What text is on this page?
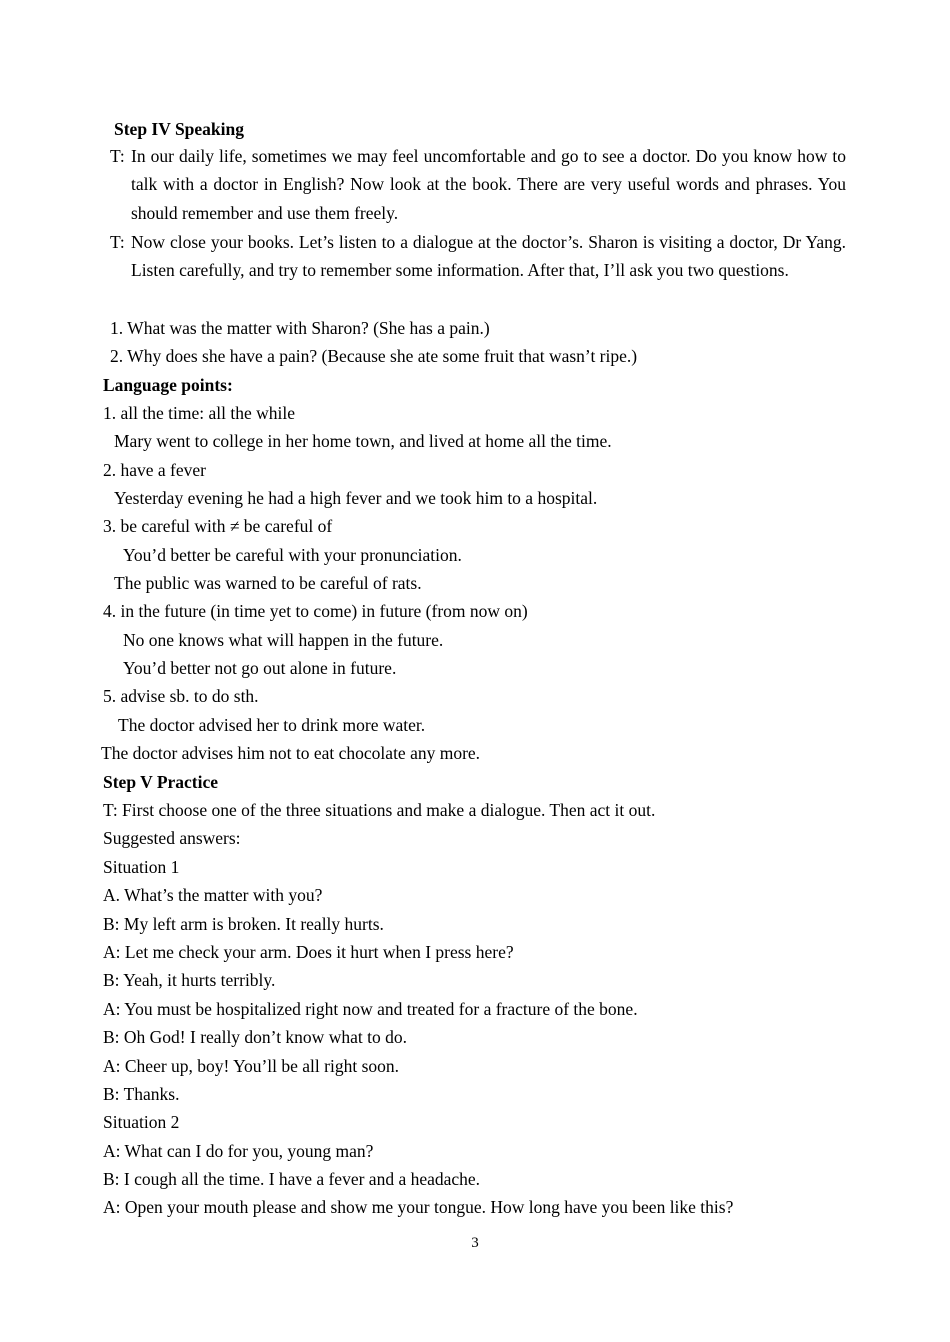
Step IV Speaking

T: In our daily life, sometimes we may feel uncomfortable and go to see a doctor. Do you know how to talk with a doctor in English? Now look at the book. There are very useful words and phrases. You should remember and use them freely.
T: Now close your books. Let’s listen to a dialogue at the doctor’s. Sharon is visiting a doctor, Dr Yang. Listen carefully, and try to remember some information. After that, I’ll ask you two questions.

1. What was the matter with Sharon? (She has a pain.)

2. Why does she have a pain? (Because she ate some fruit that wasn’t ripe.)

Language points:

1. all the time: all the while

Mary went to college in her home town, and lived at home all the time.

2. have a fever

Yesterday evening he had a high fever and we took him to a hospital.

3. be careful with ≠ be careful of

You’d better be careful with your pronunciation.

The public was warned to be careful of rats.

4. in the future (in time yet to come) in future (from now on)

No one knows what will happen in the future.

You’d better not go out alone in future.

5. advise sb. to do sth.

The doctor advised her to drink more water.

The doctor advises him not to eat chocolate any more.

Step V Practice

T: First choose one of the three situations and make a dialogue. Then act it out.

Suggested answers:

Situation 1

A. What’s the matter with you?

B: My left arm is broken. It really hurts.

A: Let me check your arm. Does it hurt when I press here?

B: Yeah, it hurts terribly.

A: You must be hospitalized right now and treated for a fracture of the bone.

B: Oh God! I really don’t know what to do.

A: Cheer up, boy! You’ll be all right soon.

B: Thanks.

Situation 2

A: What can I do for you, young man?

B: I cough all the time. I have a fever and a headache.

A: Open your mouth please and show me your tongue. How long have you been like this?

3
